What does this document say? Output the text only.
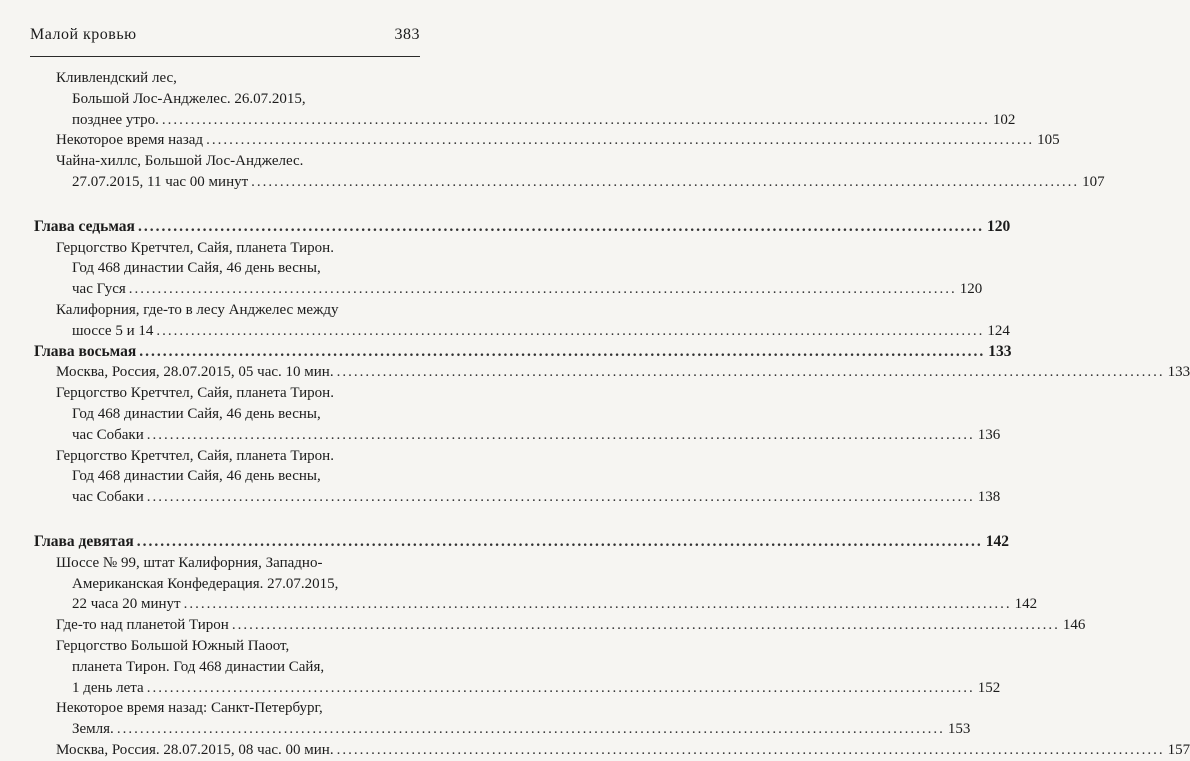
Малой кровью	383
Кливлендский лес,
Большой Лос-Анджелес. 26.07.2015,
позднее утро. ................................................................................................................................................ 102
Некоторое время назад ................................................................................................................................................ 105
Чайна-хиллс, Большой Лос-Анджелес.
27.07.2015, 11 час 00 минут ................................................................................................................................................ 107
Глава седьмая ................................................................................................................................................ 120
Герцогство Кретчтел, Сайя, планета Тирон.
Год 468 династии Сайя, 46 день весны,
час Гуся ................................................................................................................................................ 120
Калифорния, где-то в лесу Анджелес между
шоссе 5 и 14 ................................................................................................................................................ 124
Глава восьмая ................................................................................................................................................ 133
Москва, Россия, 28.07.2015, 05 час. 10 мин. ................................................................................................................................................ 133
Герцогство Кретчтел, Сайя, планета Тирон.
Год 468 династии Сайя, 46 день весны,
час Собаки ................................................................................................................................................ 136
Герцогство Кретчтел, Сайя, планета Тирон.
Год 468 династии Сайя, 46 день весны,
час Собаки ................................................................................................................................................ 138
Глава девятая ................................................................................................................................................ 142
Шоссе № 99, штат Калифорния, Западно-
Американская Конфедерация. 27.07.2015,
22 часа 20 минут ................................................................................................................................................ 142
Где-то над планетой Тирон ................................................................................................................................................ 146
Герцогство Большой Южный Паоот,
планета Тирон. Год 468 династии Сайя,
1 день лета ................................................................................................................................................ 152
Некоторое время назад: Санкт-Петербург,
Земля. ................................................................................................................................................ 153
Москва, Россия. 28.07.2015, 08 час. 00 мин. ................................................................................................................................................ 157
